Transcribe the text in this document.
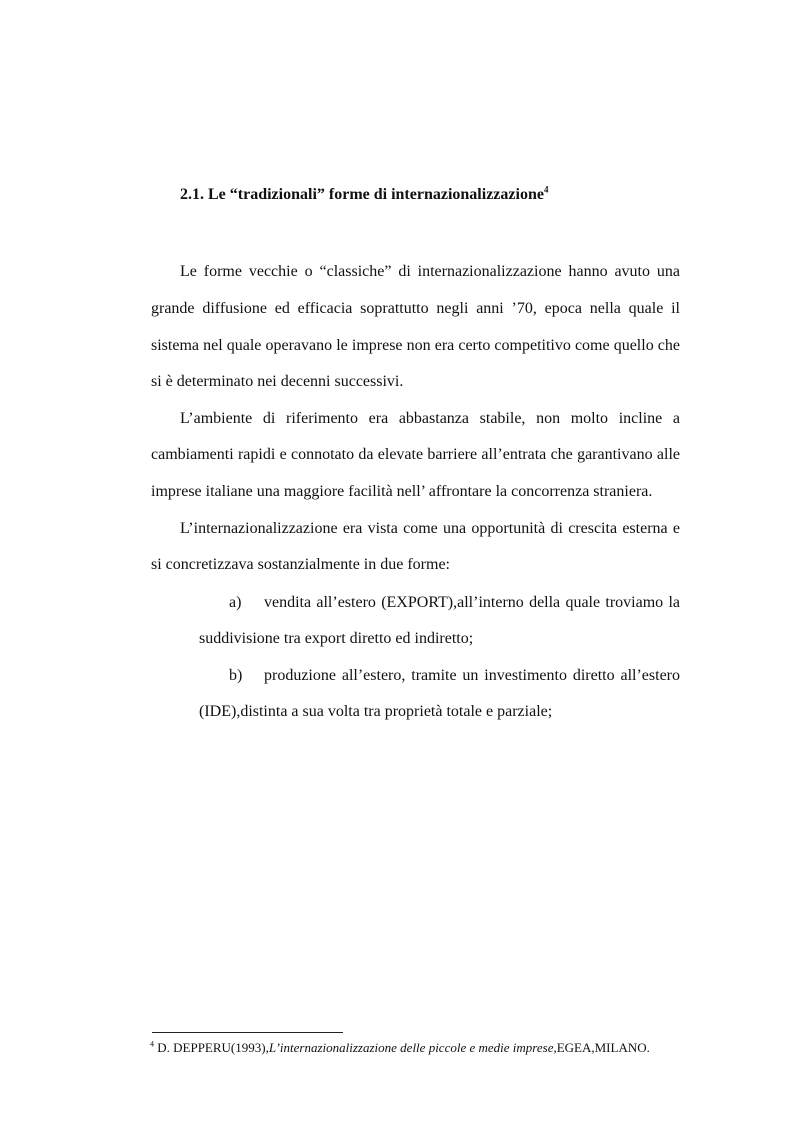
2.1. Le “tradizionali” forme di internazionalizzazione$^4$
Le forme vecchie o “classiche” di internazionalizzazione hanno avuto una
grande diffusione ed efficacia soprattutto negli anni ’70, epoca nella quale il
sistema nel quale operavano le imprese non era certo competitivo come quello che
si è determinato nei decenni successivi.
L’ambiente di riferimento era abbastanza stabile, non molto incline a
cambiamenti rapidi e connotato da elevate barriere all’entrata che garantivano alle
imprese italiane una maggiore facilità nell’ affrontare la concorrenza straniera.
L’internazionalizzazione era vista come una opportunità di crescita esterna e
si concretizzava sostanzialmente in due forme:
a) vendita all’estero (EXPORT),all’interno della quale troviamo la
suddivisione tra export diretto ed indiretto;
b) produzione all’estero, tramite un investimento diretto all’estero
(IDE),distinta a sua volta tra proprietà totale e parziale;
$^4$ D. DEPPERU(1993),L’internazionalizzazione delle piccole e medie imprese,EGEA,MILANO.
